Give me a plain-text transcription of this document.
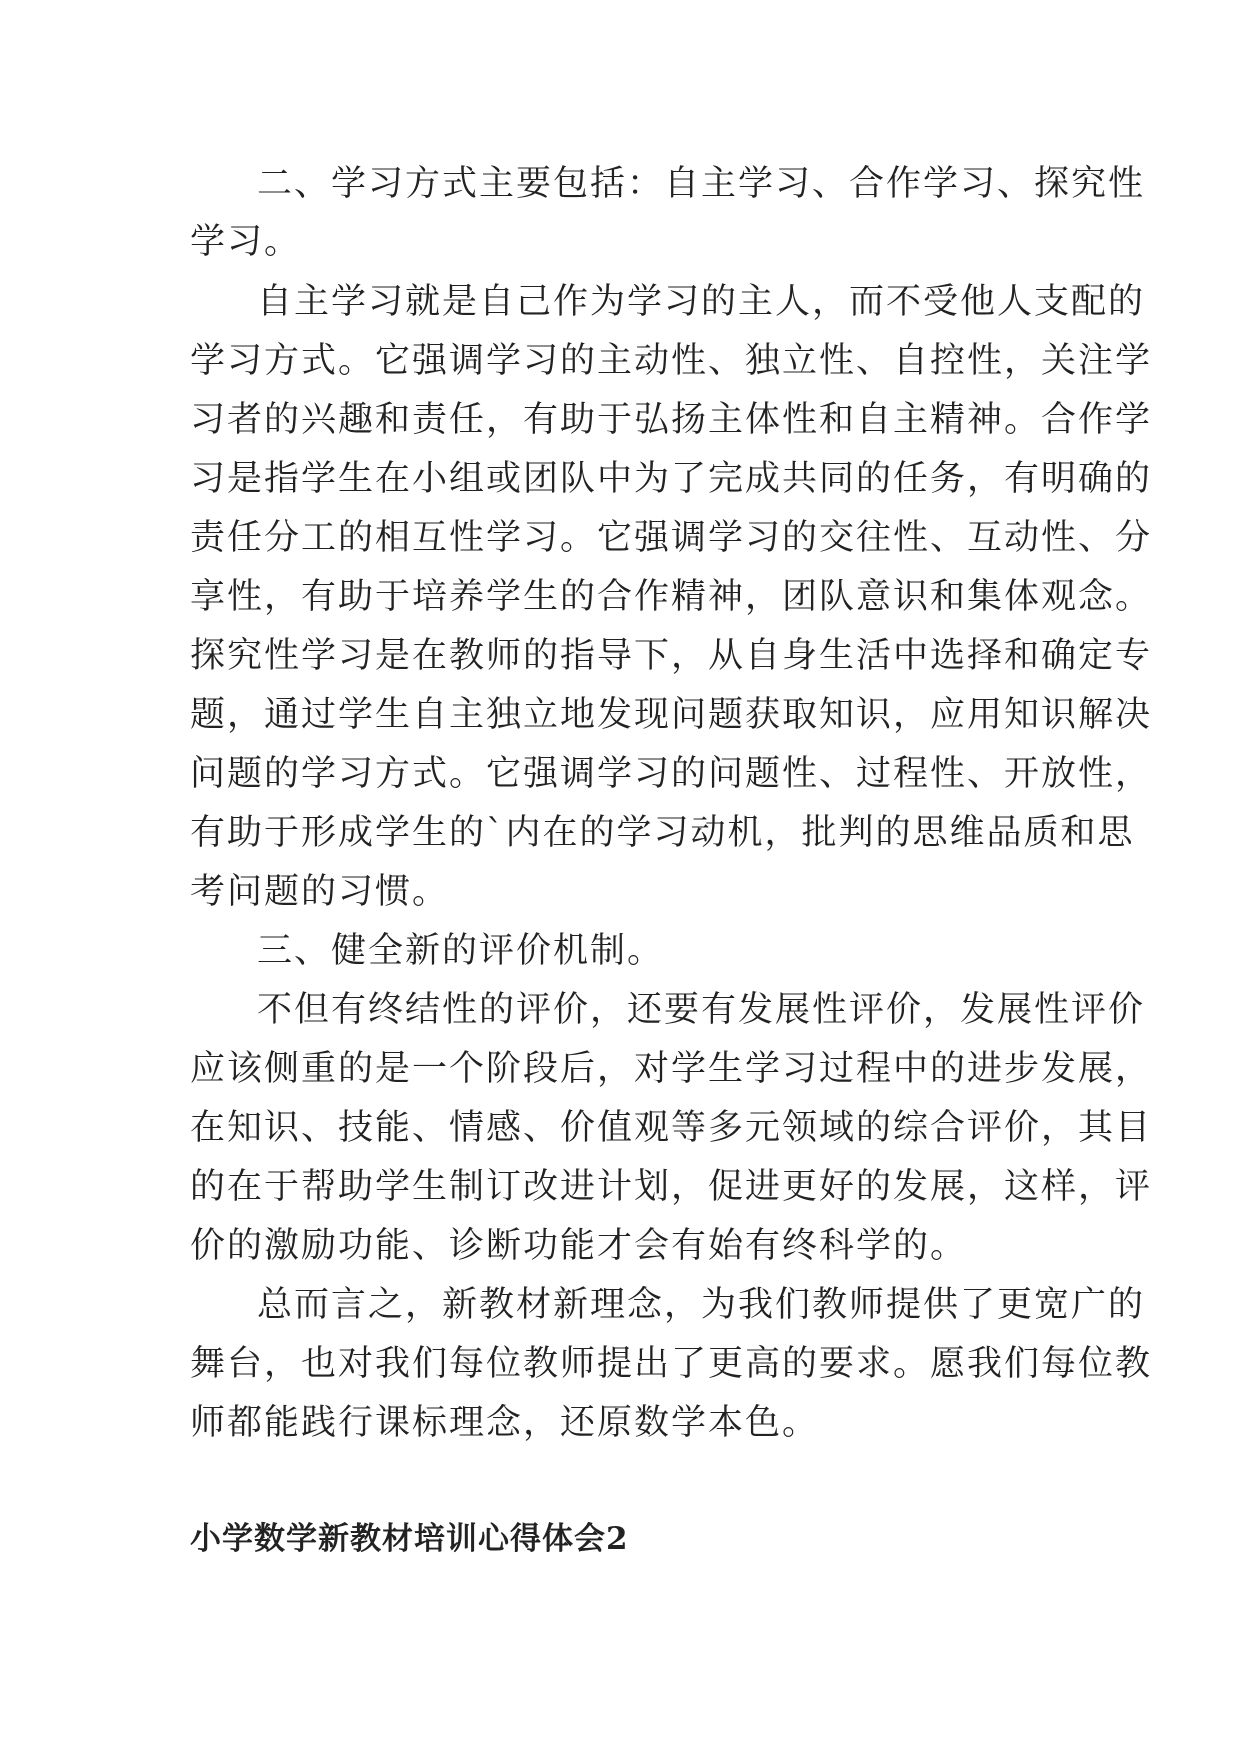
二、学习方式主要包括：自主学习、合作学习、探究性

学习。

自主学习就是自己作为学习的主人，而不受他人支配的

学习方式。它强调学习的主动性、独立性、自控性，关注学

习者的兴趣和责任，有助于弘扬主体性和自主精神。合作学

习是指学生在小组或团队中为了完成共同的任务，有明确的

责任分工的相互性学习。它强调学习的交往性、互动性、分

享性，有助于培养学生的合作精神，团队意识和集体观念。

探究性学习是在教师的指导下，从自身生活中选择和确定专

题，通过学生自主独立地发现问题获取知识，应用知识解决

问题的学习方式。它强调学习的问题性、过程性、开放性，

有助于形成学生的`内在的学习动机，批判的思维品质和思

考问题的习惯。

三、健全新的评价机制。

不但有终结性的评价，还要有发展性评价，发展性评价

应该侧重的是一个阶段后，对学生学习过程中的进步发展，

在知识、技能、情感、价值观等多元领域的综合评价，其目

的在于帮助学生制订改进计划，促进更好的发展，这样，评

价的激励功能、诊断功能才会有始有终科学的。

总而言之，新教材新理念，为我们教师提供了更宽广的

舞台，也对我们每位教师提出了更高的要求。愿我们每位教

师都能践行课标理念，还原数学本色。

小学数学新教材培训心得体会2
